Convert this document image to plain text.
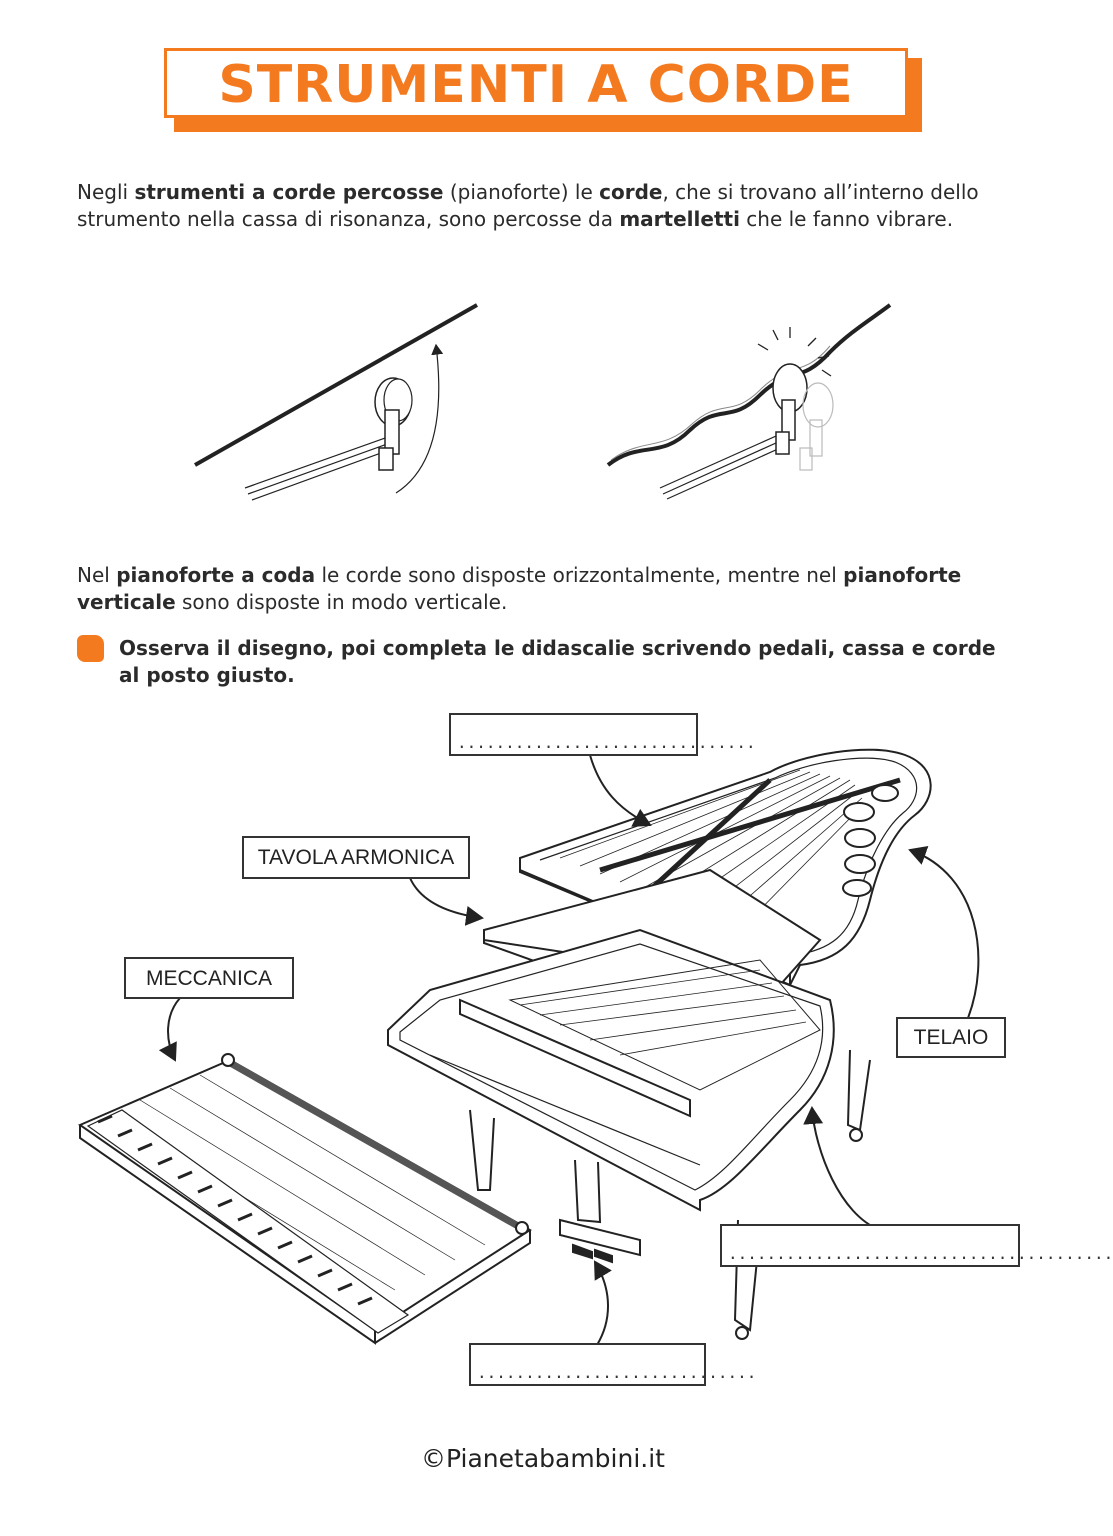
STRUMENTI A CORDE
Negli strumenti a corde percosse (pianoforte) le corde, che si trovano all’interno dello strumento nella cassa di risonanza, sono percosse da martelletti che le fanno vibrare.
Nel pianoforte a coda le corde sono disposte orizzontalmente, mentre nel pianoforte verticale sono disposte in modo verticale.
Osserva il disegno, poi completa le didascalie scrivendo pedali, cassa e corde al posto giusto.
...............................
TAVOLA ARMONICA
MECCANICA
TELAIO
........................................
.............................
©Pianetabambini.it
